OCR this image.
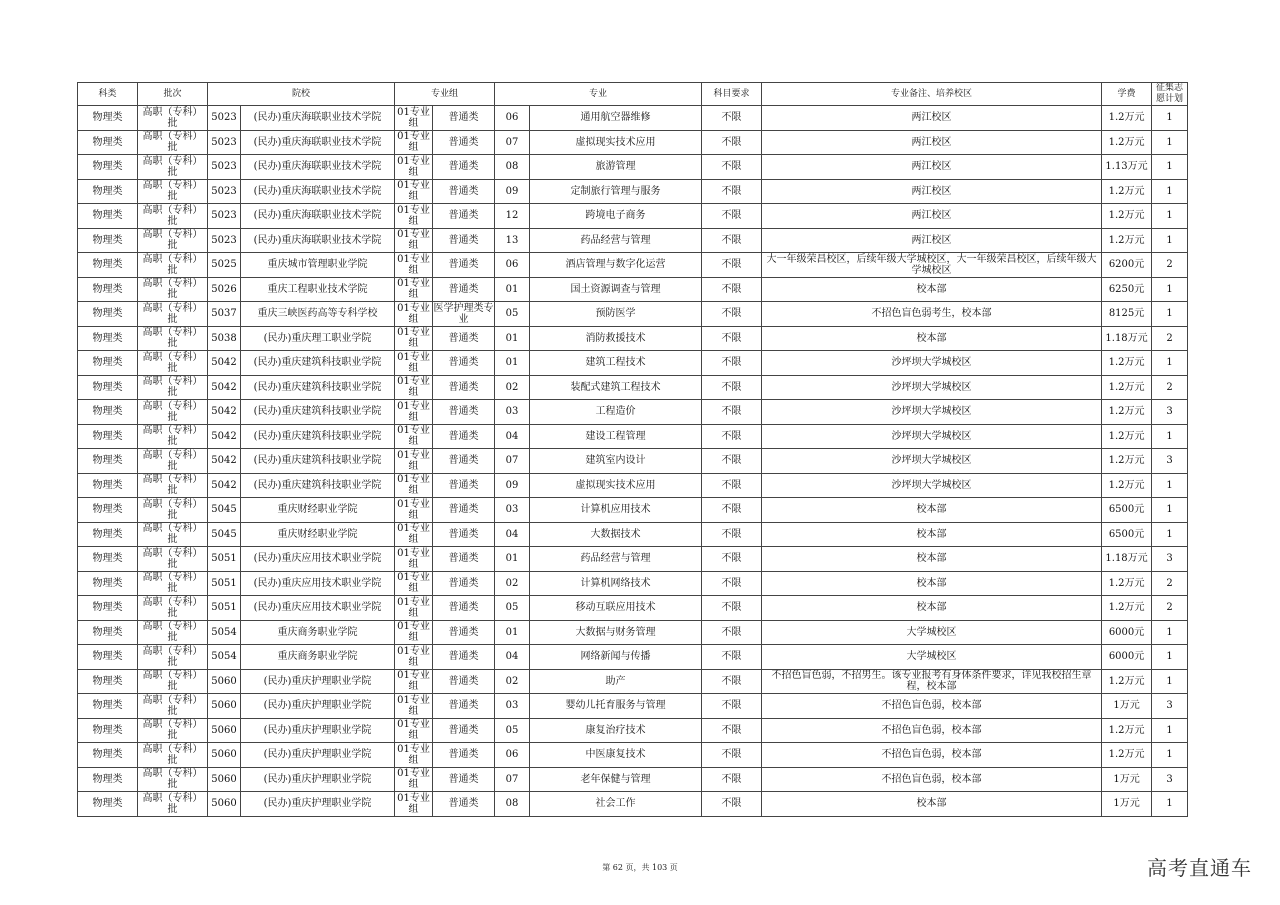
科类	批次	院校		专业组		专业		科目要求	专业备注、培养校区	学费	征集志愿计划
物理类	高职（专科）批	5023	(民办)重庆海联职业技术学院	01专业组	普通类	06	通用航空器维修	不限	两江校区	1.2万元	1
物理类	高职（专科）批	5023	(民办)重庆海联职业技术学院	01专业组	普通类	07	虚拟现实技术应用	不限	两江校区	1.2万元	1
物理类	高职（专科）批	5023	(民办)重庆海联职业技术学院	01专业组	普通类	08	旅游管理	不限	两江校区	1.13万元	1
物理类	高职（专科）批	5023	(民办)重庆海联职业技术学院	01专业组	普通类	09	定制旅行管理与服务	不限	两江校区	1.2万元	1
物理类	高职（专科）批	5023	(民办)重庆海联职业技术学院	01专业组	普通类	12	跨境电子商务	不限	两江校区	1.2万元	1
物理类	高职（专科）批	5023	(民办)重庆海联职业技术学院	01专业组	普通类	13	药品经营与管理	不限	两江校区	1.2万元	1
物理类	高职（专科）批	5025	重庆城市管理职业学院	01专业组	普通类	06	酒店管理与数字化运营	不限	大一年级荣昌校区，后续年级大学城校区，大一年级荣昌校区，后续年级大学城校区	6200元	2
物理类	高职（专科）批	5026	重庆工程职业技术学院	01专业组	普通类	01	国土资源调查与管理	不限	校本部	6250元	1
物理类	高职（专科）批	5037	重庆三峡医药高等专科学校	01专业组	医学护理类专业	05	预防医学	不限	不招色盲色弱考生，校本部	8125元	1
物理类	高职（专科）批	5038	(民办)重庆理工职业学院	01专业组	普通类	01	消防救援技术	不限	校本部	1.18万元	2
物理类	高职（专科）批	5042	(民办)重庆建筑科技职业学院	01专业组	普通类	01	建筑工程技术	不限	沙坪坝大学城校区	1.2万元	1
物理类	高职（专科）批	5042	(民办)重庆建筑科技职业学院	01专业组	普通类	02	装配式建筑工程技术	不限	沙坪坝大学城校区	1.2万元	2
物理类	高职（专科）批	5042	(民办)重庆建筑科技职业学院	01专业组	普通类	03	工程造价	不限	沙坪坝大学城校区	1.2万元	3
物理类	高职（专科）批	5042	(民办)重庆建筑科技职业学院	01专业组	普通类	04	建设工程管理	不限	沙坪坝大学城校区	1.2万元	1
物理类	高职（专科）批	5042	(民办)重庆建筑科技职业学院	01专业组	普通类	07	建筑室内设计	不限	沙坪坝大学城校区	1.2万元	3
物理类	高职（专科）批	5042	(民办)重庆建筑科技职业学院	01专业组	普通类	09	虚拟现实技术应用	不限	沙坪坝大学城校区	1.2万元	1
物理类	高职（专科）批	5045	重庆财经职业学院	01专业组	普通类	03	计算机应用技术	不限	校本部	6500元	1
物理类	高职（专科）批	5045	重庆财经职业学院	01专业组	普通类	04	大数据技术	不限	校本部	6500元	1
物理类	高职（专科）批	5051	(民办)重庆应用技术职业学院	01专业组	普通类	01	药品经营与管理	不限	校本部	1.18万元	3
物理类	高职（专科）批	5051	(民办)重庆应用技术职业学院	01专业组	普通类	02	计算机网络技术	不限	校本部	1.2万元	2
物理类	高职（专科）批	5051	(民办)重庆应用技术职业学院	01专业组	普通类	05	移动互联应用技术	不限	校本部	1.2万元	2
物理类	高职（专科）批	5054	重庆商务职业学院	01专业组	普通类	01	大数据与财务管理	不限	大学城校区	6000元	1
物理类	高职（专科）批	5054	重庆商务职业学院	01专业组	普通类	04	网络新闻与传播	不限	大学城校区	6000元	1
物理类	高职（专科）批	5060	(民办)重庆护理职业学院	01专业组	普通类	02	助产	不限	不招色盲色弱，不招男生。该专业报考有身体条件要求，详见我校招生章程，校本部	1.2万元	1
物理类	高职（专科）批	5060	(民办)重庆护理职业学院	01专业组	普通类	03	婴幼儿托育服务与管理	不限	不招色盲色弱，校本部	1万元	3
物理类	高职（专科）批	5060	(民办)重庆护理职业学院	01专业组	普通类	05	康复治疗技术	不限	不招色盲色弱，校本部	1.2万元	1
物理类	高职（专科）批	5060	(民办)重庆护理职业学院	01专业组	普通类	06	中医康复技术	不限	不招色盲色弱，校本部	1.2万元	1
物理类	高职（专科）批	5060	(民办)重庆护理职业学院	01专业组	普通类	07	老年保健与管理	不限	不招色盲色弱，校本部	1万元	3
物理类	高职（专科）批	5060	(民办)重庆护理职业学院	01专业组	普通类	08	社会工作	不限	校本部	1万元	1
第 62 页，共 103 页	高考直通车
